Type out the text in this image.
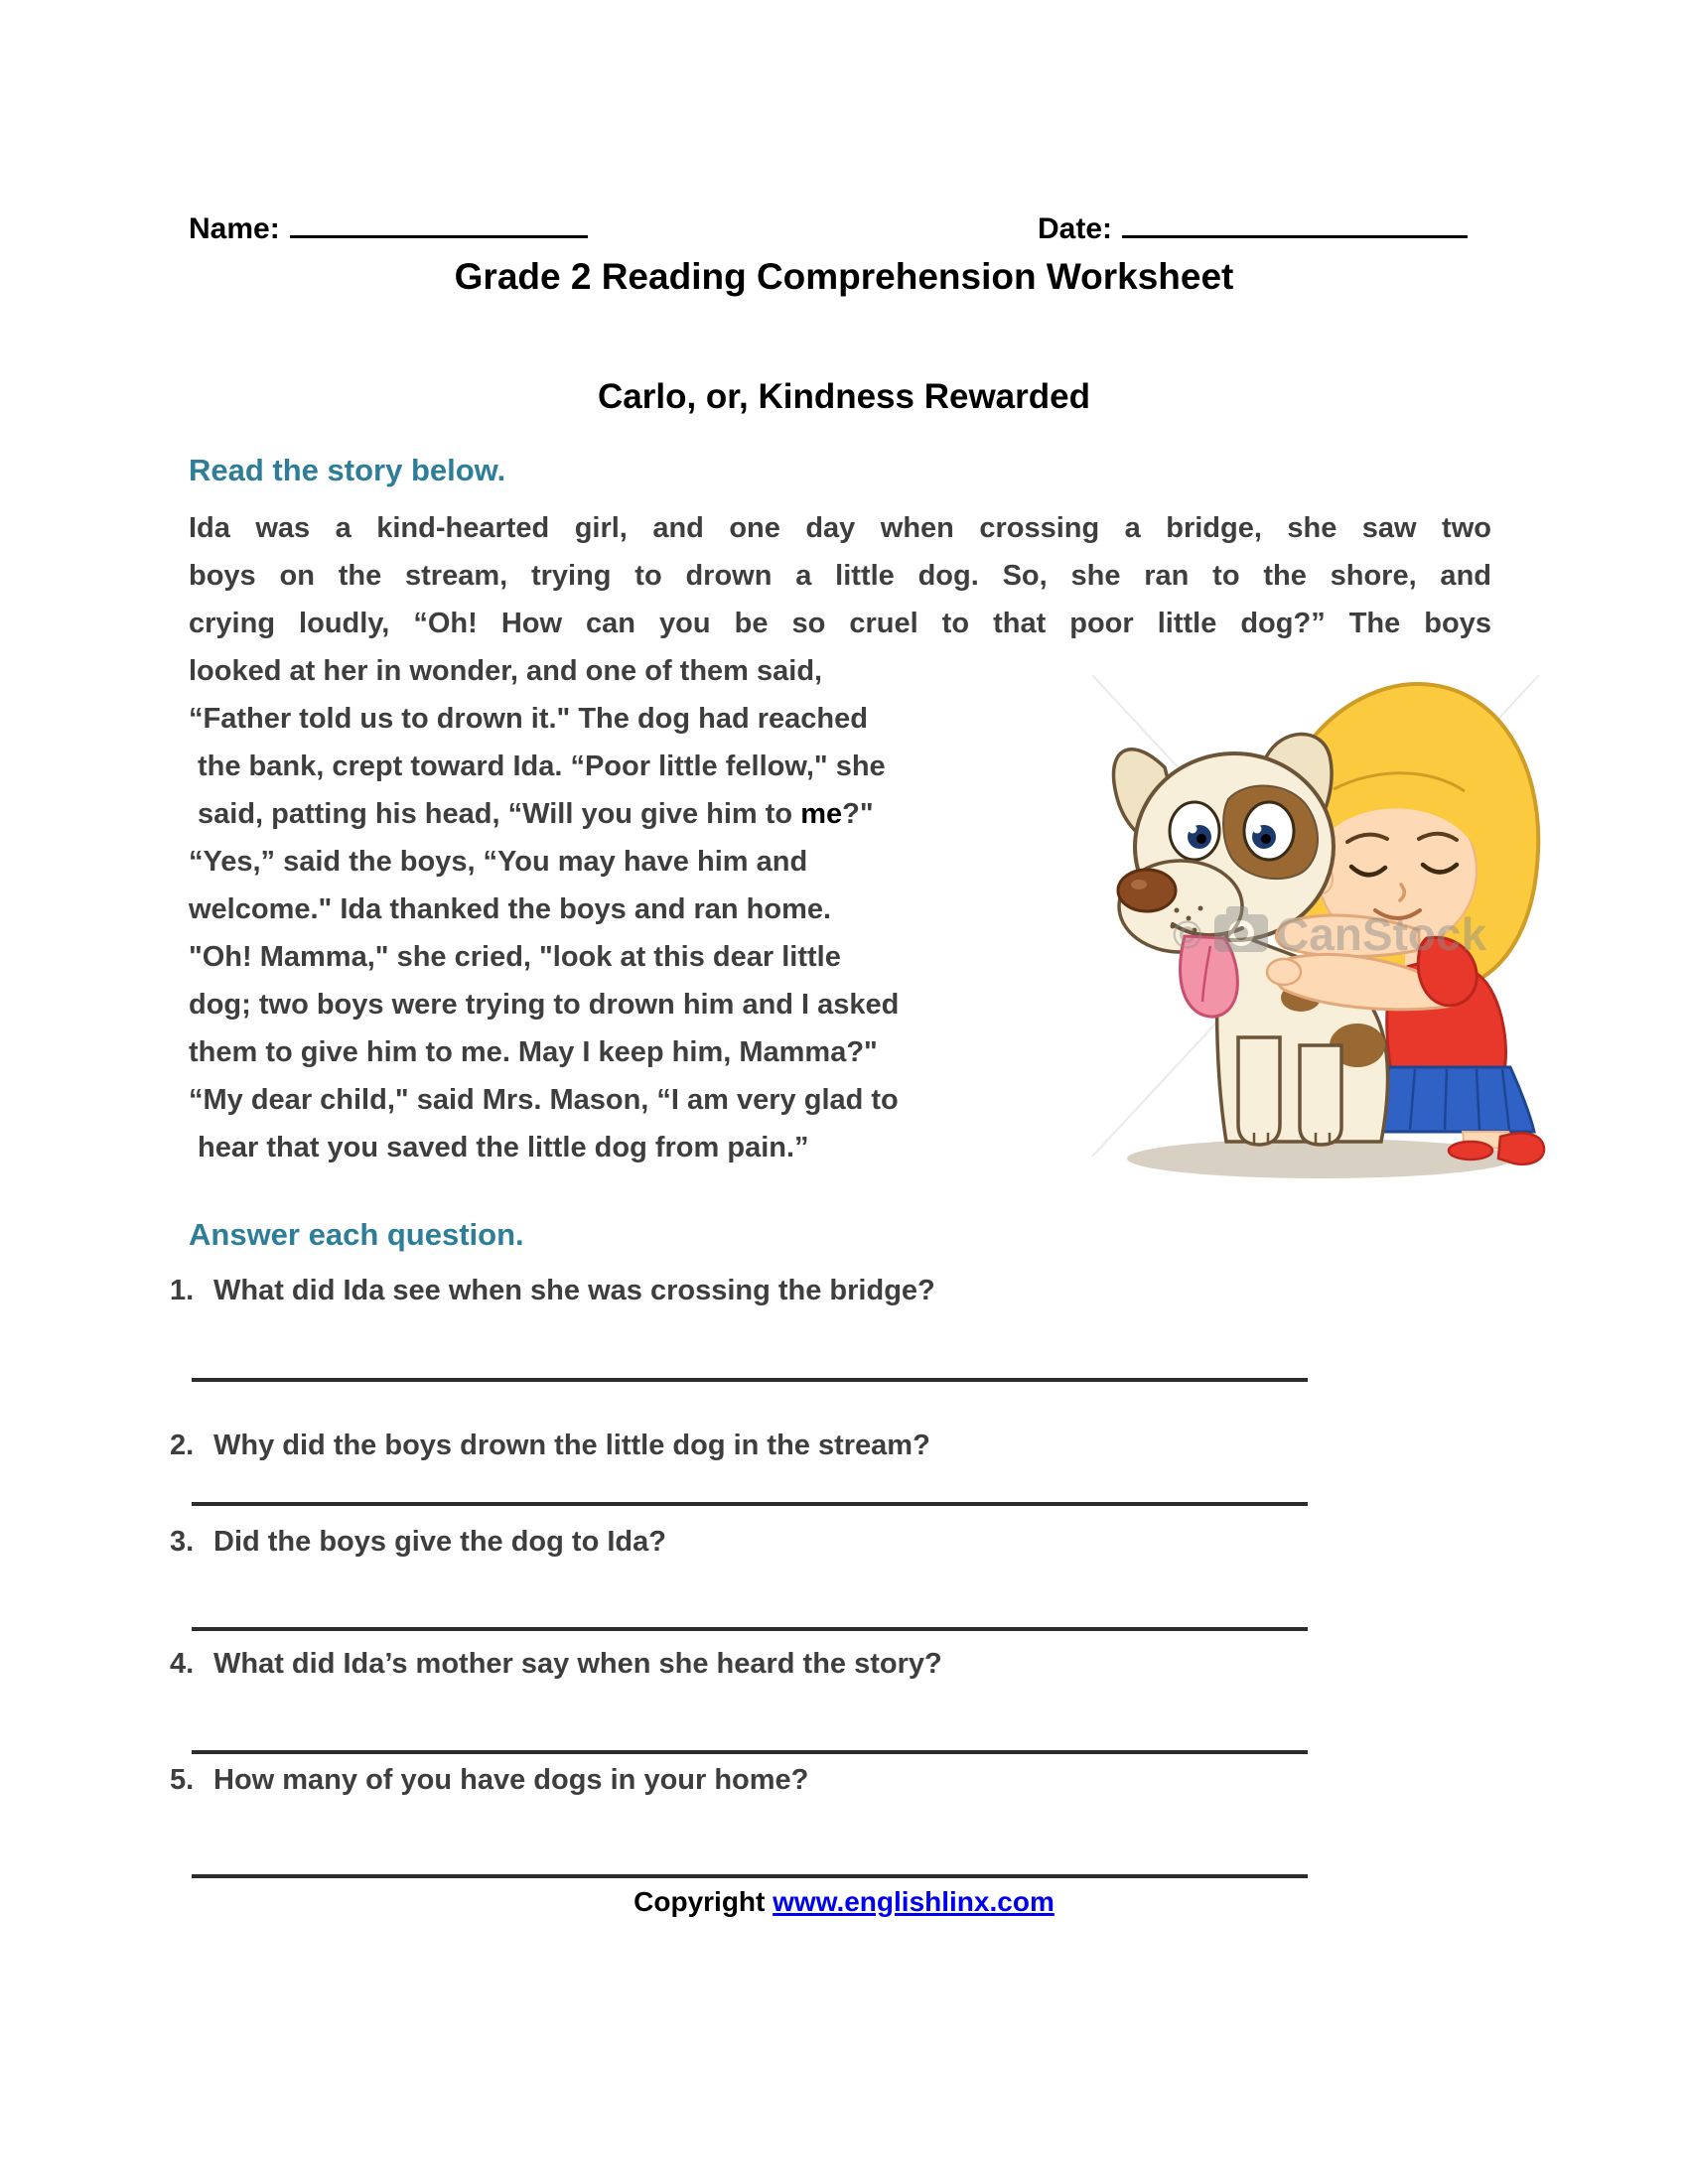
Name:	Date:
Grade 2 Reading Comprehension Worksheet
Carlo, or, Kindness Rewarded
Read the story below.
Ida was a kind-hearted girl, and one day when crossing a bridge, she saw two
boys on the stream, trying to drown a little dog. So, she ran to the shore, and
crying loudly, “Oh! How can you be so cruel to that poor little dog?” The boys
looked at her in wonder, and one of them said,
“Father told us to drown it." The dog had reached
the bank, crept toward Ida. “Poor little fellow," she
said, patting his head, “Will you give him to me?"
“Yes,” said the boys, “You may have him and
welcome." Ida thanked the boys and ran home.
"Oh! Mamma," she cried, "look at this dear little
dog; two boys were trying to drown him and I asked
them to give him to me. May I keep him, Mamma?"
“My dear child," said Mrs. Mason, “I am very glad to
hear that you saved the little dog from pain.”
© CanStock
Answer each question.
1. What did Ida see when she was crossing the bridge?
2. Why did the boys drown the little dog in the stream?
3. Did the boys give the dog to Ida?
4. What did Ida’s mother say when she heard the story?
5. How many of you have dogs in your home?
Copyright www.englishlinx.com
